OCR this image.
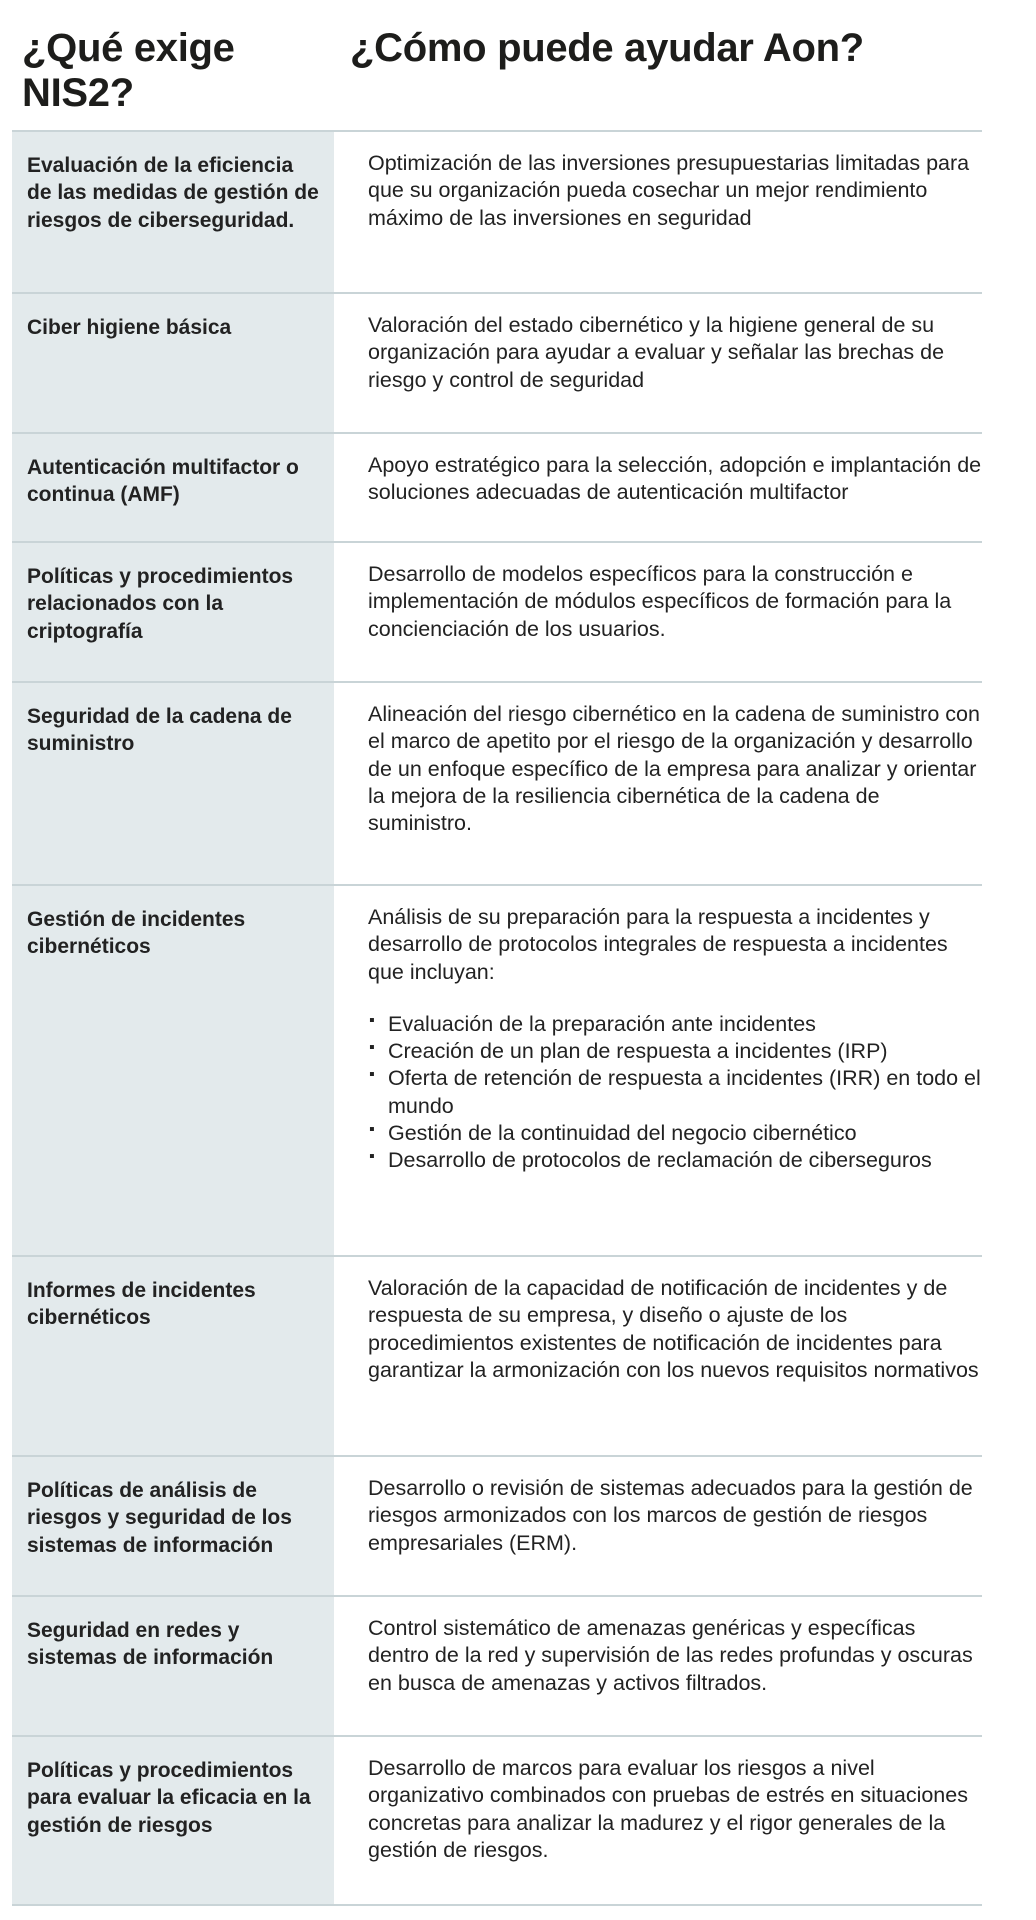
¿Qué exige NIS2?
¿Cómo puede ayudar Aon?
Evaluación de la eficiencia de las medidas de gestión de riesgos de ciberseguridad.

Optimización de las inversiones presupuestarias limitadas para que su organización pueda cosechar un mejor rendimiento máximo de las inversiones en seguridad

Ciber higiene básica	Valoración del estado cibernético y la higiene general de su organización para ayudar a evaluar y señalar las brechas de riesgo y control de seguridad

Autenticación multifactor o continua (AMF)

Apoyo estratégico para la selección, adopción e implantación de soluciones adecuadas de autenticación multifactor

Políticas y procedimientos relacionados con la criptografía

Desarrollo de modelos específicos para la construcción e implementación de módulos específicos de formación para la concienciación de los usuarios.

Seguridad de la cadena de suministro

Alineación del riesgo cibernético en la cadena de suministro con el marco de apetito por el riesgo de la organización y desarrollo de un enfoque específico de la empresa para analizar y orientar la mejora de la resiliencia cibernética de la cadena de suministro.

Gestión de incidentes cibernéticos

Análisis de su preparación para la respuesta a incidentes y desarrollo de protocolos integrales de respuesta a incidentes que incluyan:

▪ Evaluación de la preparación ante incidentes
▪ Creación de un plan de respuesta a incidentes (IRP)
▪ Oferta de retención de respuesta a incidentes (IRR) en todo el mundo
▪ Gestión de la continuidad del negocio cibernético
▪ Desarrollo de protocolos de reclamación de ciberseguros
Informes de incidentes cibernéticos

Valoración de la capacidad de notificación de incidentes y de respuesta de su empresa, y diseño o ajuste de los procedimientos existentes de notificación de incidentes para garantizar la armonización con los nuevos requisitos normativos

Políticas de análisis de riesgos y seguridad de los sistemas de información

Desarrollo o revisión de sistemas adecuados para la gestión de riesgos armonizados con los marcos de gestión de riesgos empresariales (ERM).

Seguridad en redes y sistemas de información

Control sistemático de amenazas genéricas y específicas dentro de la red y supervisión de las redes profundas y oscuras en busca de amenazas y activos filtrados.

Políticas y procedimientos para evaluar la eficacia en la gestión de riesgos

Desarrollo de marcos para evaluar los riesgos a nivel organizativo combinados con pruebas de estrés en situaciones concretas para analizar la madurez y el rigor generales de la gestión de riesgos.
